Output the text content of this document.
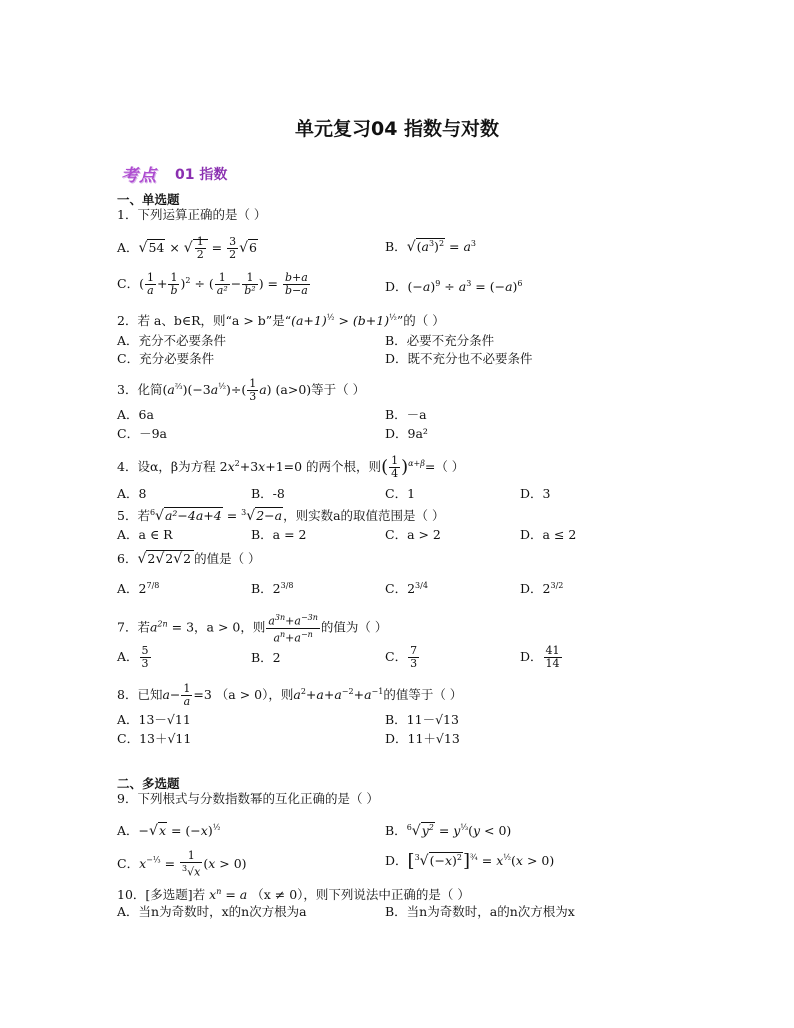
单元复习04 指数与对数
考点 01 指数
一、单选题
1．下列运算正确的是（ ）
A．√54 × √ $\frac{1}{2} = \frac{3}{2} √6$	B．$√(a^3)^2 = a^3$
C．( $\frac{1}{a} + \frac{1}{b} )^2$ ÷ ( $\frac{1}{\text{a²}} - \frac{1}{\text{b²}}$ ) = $\frac{b+a}{b-a}$	D．$(-a)^9 \div a^3 = (-a)^6$
2．若 a、b∈R，则“a > b”是“$(a+1)^{\frac{1}{2}} > (b+1)^{\frac{1}{2}}$”的（ ）
A．充分不必要条件	B．必要不充分条件
C．充分必要条件	D．既不充分也不必要条件
3．化简$(a^{\frac{2}{3}})(-3a^{\frac{1}{2}})\div( \frac{1}{3} a)$ (a>0)等于（ ）
A．6a	B．－a
C．－9a	D．9a²
4．设α，β为方程 $2x^2+3x+1=0$ 的两个根，则( $\frac{1}{4} )^{\alpha+\beta}=$（ ）
A．8	B．-8	C．1	D．3
5．若$^6$√a²−4a+4 = $^3$√2−a，则实数a的取值范围是（ ）
A．a ∈ R	B．a = 2	C．a > 2	D．a ≤ 2
6．√2√2√2 的值是（ ）
A．$2^{7/8}$	B．$2^{3/8}$	C．$2^{3/4}$	D．$2^{3/2}$
7．若$a^{2n} = 3$，a > 0，则 $\frac{a^{3n}+a^{-3n}}{a^n+a^{-n}}$ 的值为（ ）
A． $\frac{5}{3}$	B．2	C． $\frac{7}{3}$	D． $\frac{41}{14}$
8．已知$a- \frac{1}{a} =3$ （a > 0），则$a^2+a+a^{-2}+a^{-1}$的值等于（ ）
A．13－√11	B．11－√13
C．13＋√11	D．11＋√13
二、多选题
9．下列根式与分数指数幂的互化正确的是（ ）
A．$-√x = (-x)^{\frac{1}{2}}$	B．$^6√y^2 = y^{\frac{1}{3}}(y < 0)$
C．$x^{-\frac{1}{3}} = \frac{1}{^3√x} (x > 0)$	D．$[^3√(-x)^2]^{\frac{3}{4}} = x^{\frac{1}{2}}(x > 0)$
10．[多选题]若 $x^n = a$ （x ≠ 0），则下列说法中正确的是（ ）
A．当n为奇数时，x的n次方根为a	B．当n为奇数时，a的n次方根为x
